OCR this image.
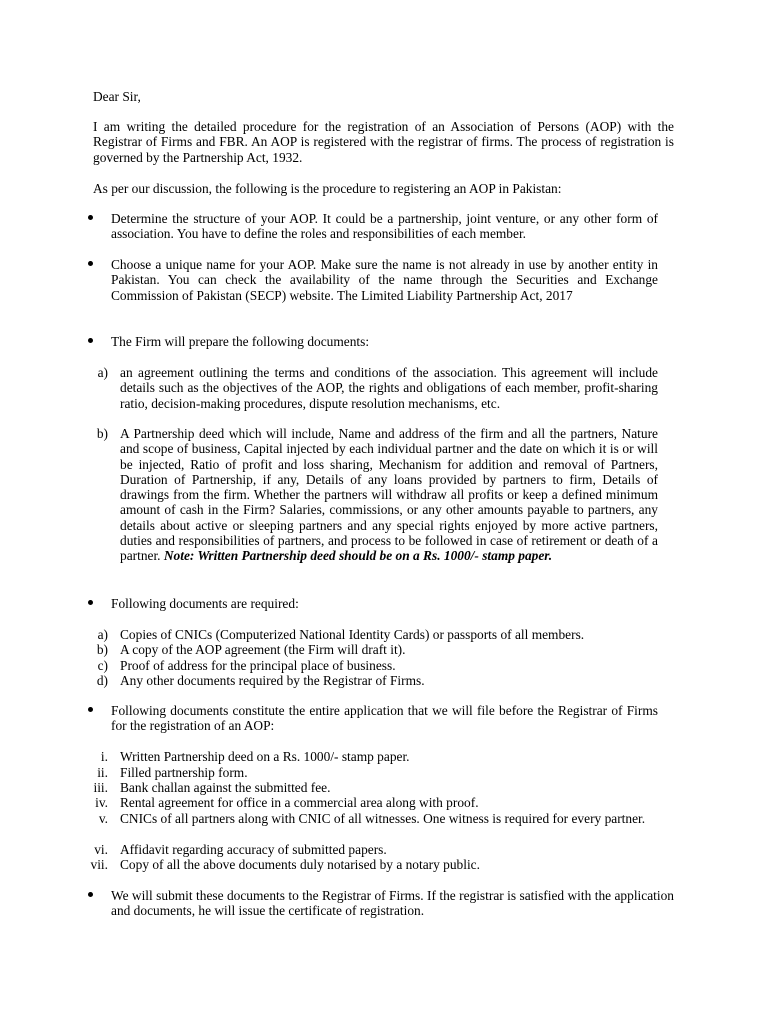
Dear Sir,

I am writing the detailed procedure for the registration of an Association of Persons (AOP) with the Registrar of Firms and FBR. An AOP is registered with the registrar of firms. The process of registration is governed by the Partnership Act, 1932.

As per our discussion, the following is the procedure to registering an AOP in Pakistan:

Determine the structure of your AOP. It could be a partnership, joint venture, or any other form of association. You have to define the roles and responsibilities of each member.

Choose a unique name for your AOP. Make sure the name is not already in use by another entity in Pakistan. You can check the availability of the name through the Securities and Exchange Commission of Pakistan (SECP) website. The Limited Liability Partnership Act, 2017

The Firm will prepare the following documents:

a) an agreement outlining the terms and conditions of the association. This agreement will include details such as the objectives of the AOP, the rights and obligations of each member, profit-sharing ratio, decision-making procedures, dispute resolution mechanisms, etc.
b) A Partnership deed which will include, Name and address of the firm and all the partners, Nature and scope of business, Capital injected by each individual partner and the date on which it is or will be injected, Ratio of profit and loss sharing, Mechanism for addition and removal of Partners, Duration of Partnership, if any, Details of any loans provided by partners to firm, Details of drawings from the firm. Whether the partners will withdraw all profits or keep a defined minimum amount of cash in the Firm? Salaries, commissions, or any other amounts payable to partners, any details about active or sleeping partners and any special rights enjoyed by more active partners, duties and responsibilities of partners, and process to be followed in case of retirement or death of a partner. Note: Written Partnership deed should be on a Rs. 1000/- stamp paper.

Following documents are required:

a) Copies of CNICs (Computerized National Identity Cards) or passports of all members.
b) A copy of the AOP agreement (the Firm will draft it).
c) Proof of address for the principal place of business.
d) Any other documents required by the Registrar of Firms.

Following documents constitute the entire application that we will file before the Registrar of Firms for the registration of an AOP:

i. Written Partnership deed on a Rs. 1000/- stamp paper.
ii. Filled partnership form.
iii. Bank challan against the submitted fee.
iv. Rental agreement for office in a commercial area along with proof.
v. CNICs of all partners along with CNIC of all witnesses. One witness is required for every partner.
vi. Affidavit regarding accuracy of submitted papers.
vii. Copy of all the above documents duly notarised by a notary public.

We will submit these documents to the Registrar of Firms. If the registrar is satisfied with the application and documents, he will issue the certificate of registration.
